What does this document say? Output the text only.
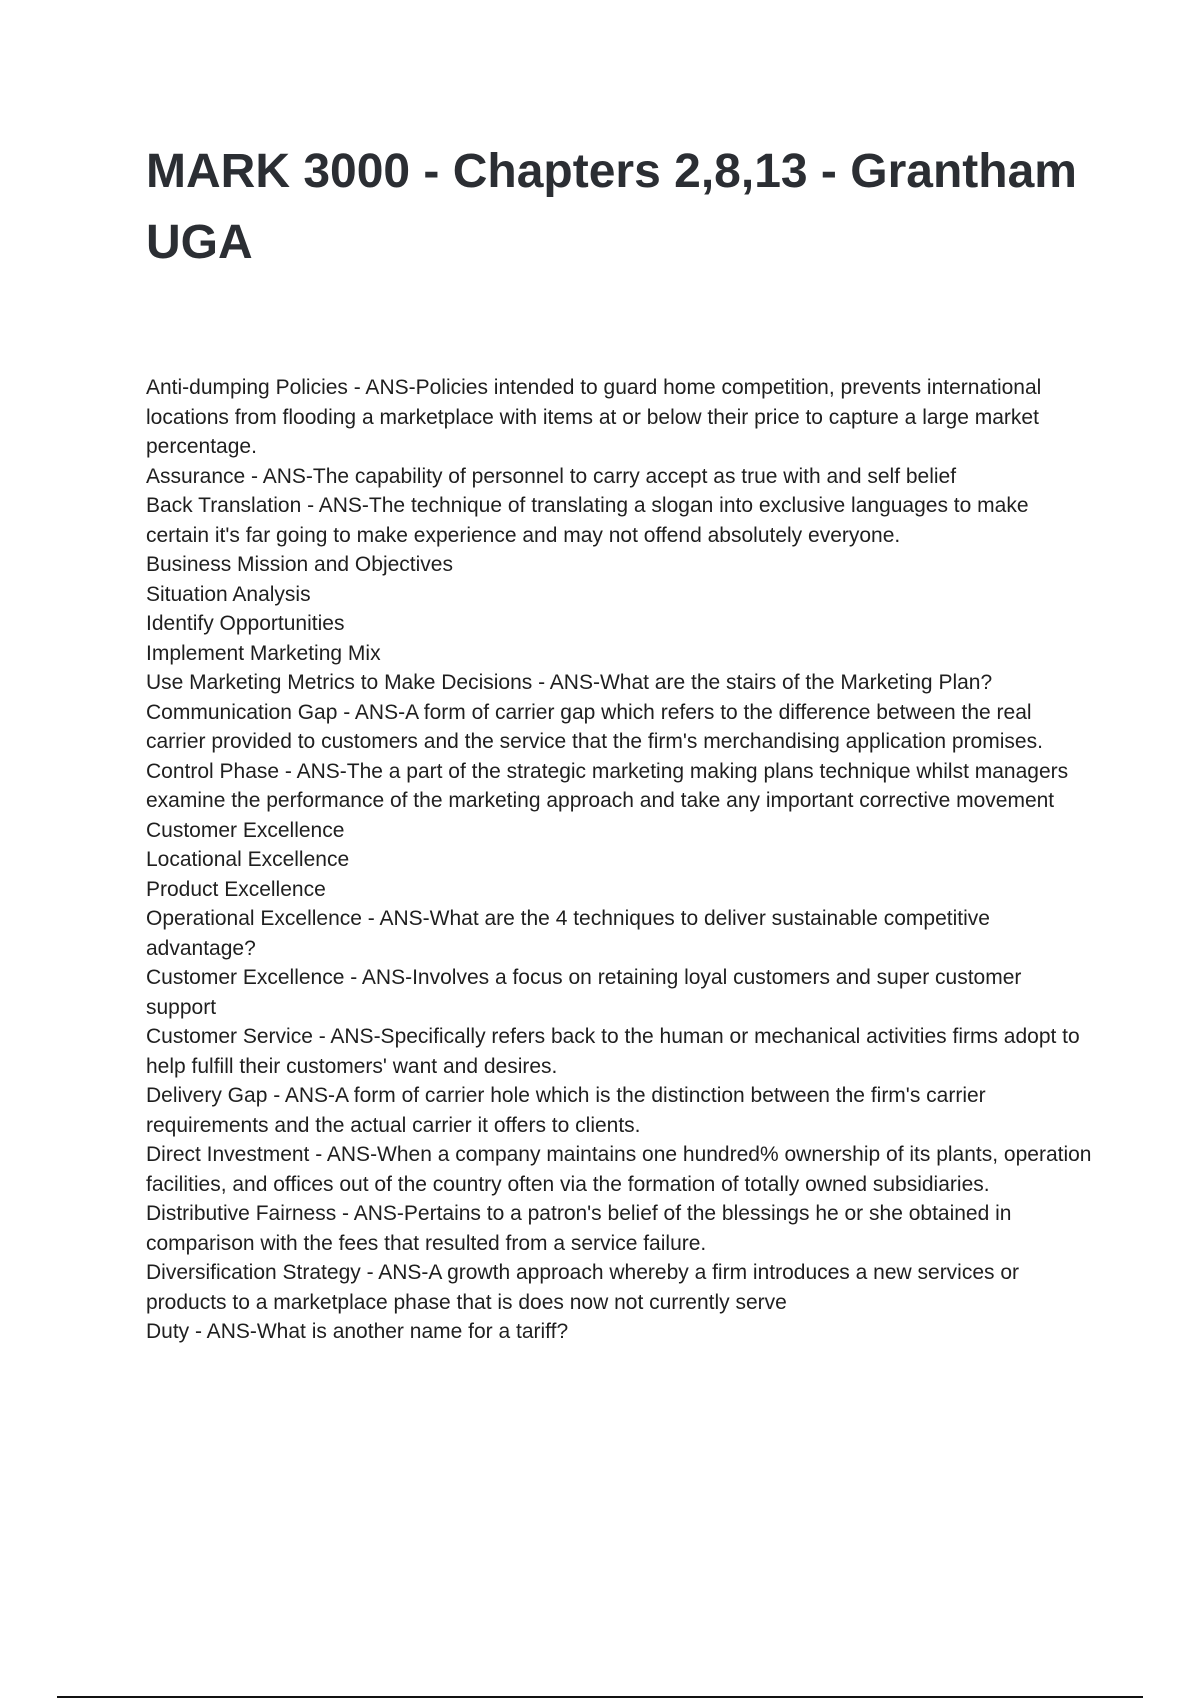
MARK 3000 - Chapters 2,8,13 - Grantham UGA

Anti-dumping Policies - ANS-Policies intended to guard home competition, prevents international locations from flooding a marketplace with items at or below their price to capture a large market percentage.

Assurance - ANS-The capability of personnel to carry accept as true with and self belief

Back Translation - ANS-The technique of translating a slogan into exclusive languages to make certain it's far going to make experience and may not offend absolutely everyone.

Business Mission and Objectives

Situation Analysis

Identify Opportunities

Implement Marketing Mix

Use Marketing Metrics to Make Decisions - ANS-What are the stairs of the Marketing Plan?

Communication Gap - ANS-A form of carrier gap which refers to the difference between the real carrier provided to customers and the service that the firm's merchandising application promises.

Control Phase - ANS-The a part of the strategic marketing making plans technique whilst managers examine the performance of the marketing approach and take any important corrective movement

Customer Excellence

Locational Excellence

Product Excellence

Operational Excellence - ANS-What are the 4 techniques to deliver sustainable competitive advantage?

Customer Excellence - ANS-Involves a focus on retaining loyal customers and super customer support

Customer Service - ANS-Specifically refers back to the human or mechanical activities firms adopt to help fulfill their customers' want and desires.

Delivery Gap - ANS-A form of carrier hole which is the distinction between the firm's carrier requirements and the actual carrier it offers to clients.

Direct Investment - ANS-When a company maintains one hundred% ownership of its plants, operation facilities, and offices out of the country often via the formation of totally owned subsidiaries.

Distributive Fairness - ANS-Pertains to a patron's belief of the blessings he or she obtained in comparison with the fees that resulted from a service failure.

Diversification Strategy - ANS-A growth approach whereby a firm introduces a new services or products to a marketplace phase that is does now not currently serve

Duty - ANS-What is another name for a tariff?
